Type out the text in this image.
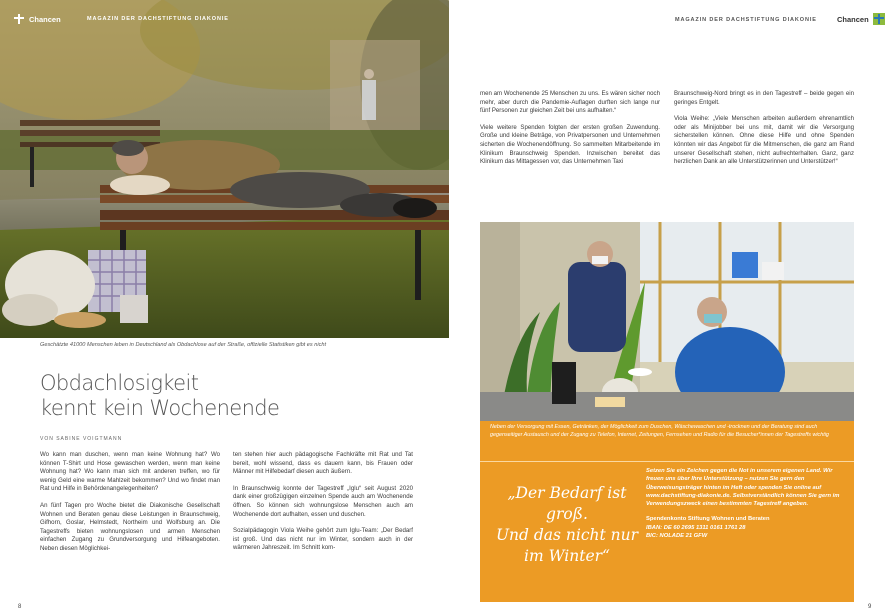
Chancen	MAGAZIN DER DACHSTIFTUNG DIAKONIE
Geschätzte 41000 Menschen leben in Deutschland als Obdachlose auf der Straße, offizielle Statistiken gibt es nicht
Obdachlosigkeit
kennt kein Wochenende
VON SABINE VOIGTMANN

Wo kann man duschen, wenn man keine Wohnung hat? Wo können T-Shirt und Hose gewaschen werden, wenn man keine Wohnung hat? Wo kann man sich mit anderen treffen, wo für wenig Geld eine warme Mahlzeit bekommen? Und wo findet man Rat und Hilfe in Behördenangelegenheiten?

An fünf Tagen pro Woche bietet die Diakonische Gesellschaft Wohnen und Beraten genau diese Leistungen in Braunschweig, Gifhorn, Goslar, Helmstedt, Northeim und Wolfsburg an. Die Tagestreffs bieten wohnungslosen und armen Menschen einfachen Zugang zu Grundversorgung und Hilfeangeboten. Neben diesen Möglichkei-

ten stehen hier auch pädagogische Fachkräfte mit Rat und Tat bereit, wohl wissend, dass es dauern kann, bis Frauen oder Männer mit Hilfebedarf diesen auch äußern.

In Braunschweig konnte der Tagestreff „Iglu“ seit August 2020 dank einer großzügigen einzelnen Spende auch am Wochenende öffnen. So können sich wohnungslose Menschen auch am Wochenende dort aufhalten, essen und duschen.

Sozialpädagogin Viola Weihe gehört zum Iglu-Team: „Der Bedarf ist groß. Und das nicht nur im Winter, sondern auch in der wärmeren Jahreszeit. Im Schnitt kom-

8
MAGAZIN DER DACHSTIFTUNG DIAKONIE	Chancen

men am Wochenende 25 Menschen zu uns. Es wären sicher noch mehr, aber durch die Pandemie-Auflagen durften sich lange nur fünf Personen zur gleichen Zeit bei uns aufhalten.“

Viele weitere Spenden folgten der ersten großen Zuwendung. Große und kleine Beträge, von Privatpersonen und Unternehmen sicherten die Wochenendöffnung. So sammelten Mitarbeitende im Klinikum Braunschweig Spenden. Inzwischen bereitet das Klinikum das Mittagessen vor, das Unternehmen Taxi

Braunschweig-Nord bringt es in den Tagestreff – beide gegen ein geringes Entgelt.

Viola Weihe: „Viele Menschen arbeiten außerdem ehrenamtlich oder als Minijobber bei uns mit, damit wir die Versorgung sicherstellen können. Ohne diese Hilfe und ohne Spenden könnten wir das Angebot für die Mitmenschen, die ganz am Rand unserer Gesellschaft stehen, nicht aufrechterhalten. Ganz, ganz herzlichen Dank an alle Unterstützerinnen und Unterstützer!“

Neben der Versorgung mit Essen, Getränken, der Möglichkeit zum Duschen, Wäschewaschen und -trocknen und der Beratung sind auch gegenseitiger Austausch und der Zugang zu Telefon, Internet, Zeitungen, Fernsehen und Radio für die Besucher*innen der Tagestreffs wichtig
„Der Bedarf ist groß.
Und das nicht nur
im Winter“

Setzen Sie ein Zeichen gegen die Not in unserem eigenen Land. Wir freuen uns über Ihre Unterstützung – nutzen Sie gern den Überweisungsträger hinten im Heft oder spenden Sie online auf www.dachstiftung-diakonie.de. Selbstverständlich können Sie gern im Verwendungszweck einen bestimmten Tagestreff angeben.

Spendenkonto Stiftung Wohnen und Beraten
IBAN: DE 60 2695 1311 0161 1761 28
BIC: NOLADE 21 GFW
9
